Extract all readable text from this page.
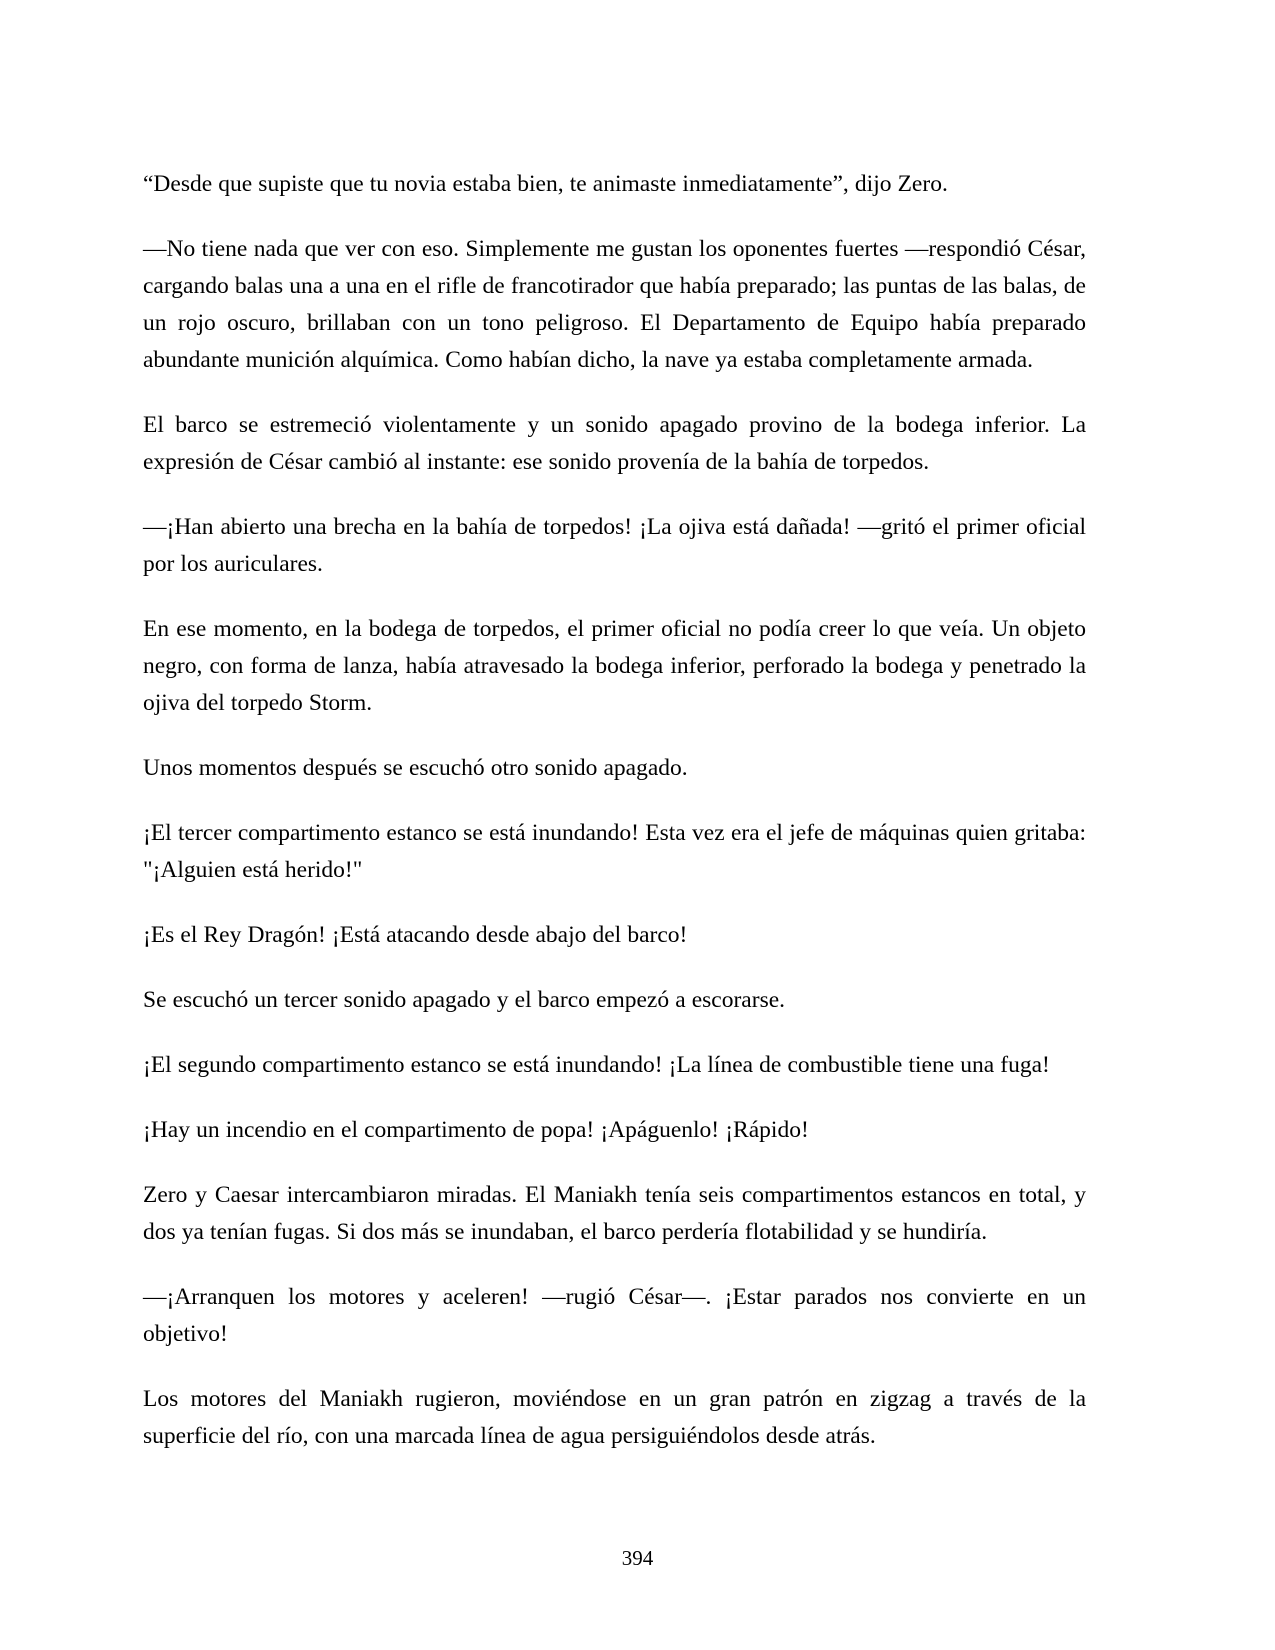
“Desde que supiste que tu novia estaba bien, te animaste inmediatamente”, dijo Zero.

—No tiene nada que ver con eso. Simplemente me gustan los oponentes fuertes —respondió César, cargando balas una a una en el rifle de francotirador que había preparado; las puntas de las balas, de un rojo oscuro, brillaban con un tono peligroso. El Departamento de Equipo había preparado abundante munición alquímica. Como habían dicho, la nave ya estaba completamente armada.

El barco se estremeció violentamente y un sonido apagado provino de la bodega inferior. La expresión de César cambió al instante: ese sonido provenía de la bahía de torpedos.

—¡Han abierto una brecha en la bahía de torpedos! ¡La ojiva está dañada! —gritó el primer oficial por los auriculares.

En ese momento, en la bodega de torpedos, el primer oficial no podía creer lo que veía. Un objeto negro, con forma de lanza, había atravesado la bodega inferior, perforado la bodega y penetrado la ojiva del torpedo Storm.

Unos momentos después se escuchó otro sonido apagado.

¡El tercer compartimento estanco se está inundando! Esta vez era el jefe de máquinas quien gritaba: "¡Alguien está herido!"

¡Es el Rey Dragón! ¡Está atacando desde abajo del barco!

Se escuchó un tercer sonido apagado y el barco empezó a escorarse.

¡El segundo compartimento estanco se está inundando! ¡La línea de combustible tiene una fuga!

¡Hay un incendio en el compartimento de popa! ¡Apáguenlo! ¡Rápido!

Zero y Caesar intercambiaron miradas. El Maniakh tenía seis compartimentos estancos en total, y dos ya tenían fugas. Si dos más se inundaban, el barco perdería flotabilidad y se hundiría.

—¡Arranquen los motores y aceleren! —rugió César—. ¡Estar parados nos convierte en un objetivo!

Los motores del Maniakh rugieron, moviéndose en un gran patrón en zigzag a través de la superficie del río, con una marcada línea de agua persiguiéndolos desde atrás.

394
